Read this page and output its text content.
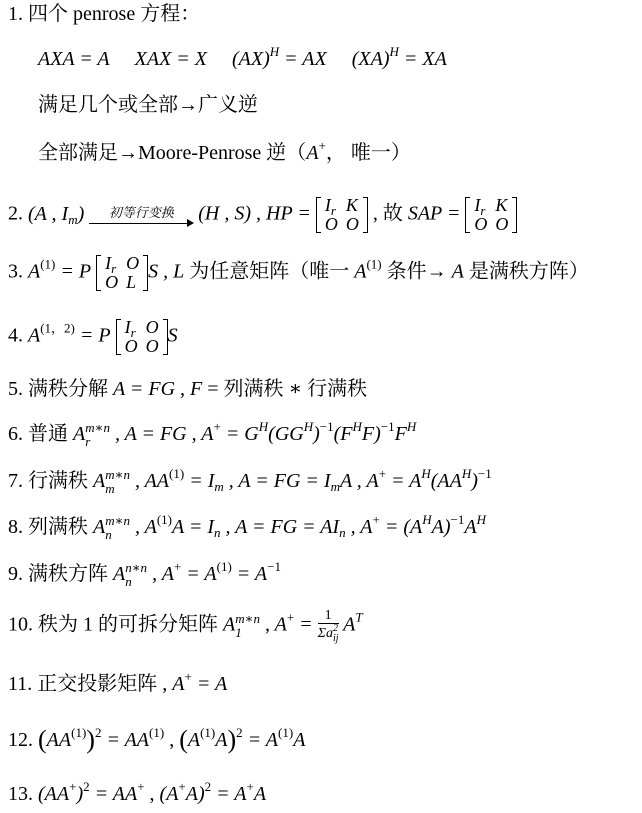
1. 四个 penrose 方程：
AXA = A XAX = X (AX)$^H$ = AX (XA)$^H$ = XA
满足几个或全部→广义逆
全部满足→Moore-Penrose 逆（A+， 唯一）
2. (A , $I_m$)	初等行变换	(H , S) , HP = $I_r$	K
O	O , 故 SAP = $I_r$	K
O	O
3. $A^{(1)} = P$ $I_r$	O
O	L S , L 为任意矩阵（唯一 $A^{(1)}$ 条件→ A 是满秩方阵）
4. $A^{(1,2)} = P$ $I_r$	O
O	O S
5. 满秩分解 A = FG , F = 列满秩 ∗ 行满秩
6. 普通 A m∗n
r , A = FG , $A^+ = G^H(GG^H)^{-1}(F^HF)^{-1}F^H$
7. 行满秩 A m∗n
m , $AA^{(1)} = I_m$ , A = FG = $I_mA$ , $A^+ = A^H(AA^H)^{-1}$
8. 列满秩 A m∗n
n , $A^{(1)}A = I_n$ , A = FG = $AI_n$ , $A^+ = (A^HA)^{-1}A^H$
9. 满秩方阵 A n∗n
n , $A^+ = A^{(1)} = A^{-1}$
10. 秩为 1 的可拆分矩阵 A m∗n
1 , A+ = 1
Σa 2
ij $A^T$
11. 正交投影矩阵 , A+ = A
12. $(AA^{(1)})^2 = AA^{(1)}$ , $(A^{(1)}A)^2 = A^{(1)}A$
13. $(AA^+)^2 = AA^+$ , $(A^+A)^2 = A^+A$
